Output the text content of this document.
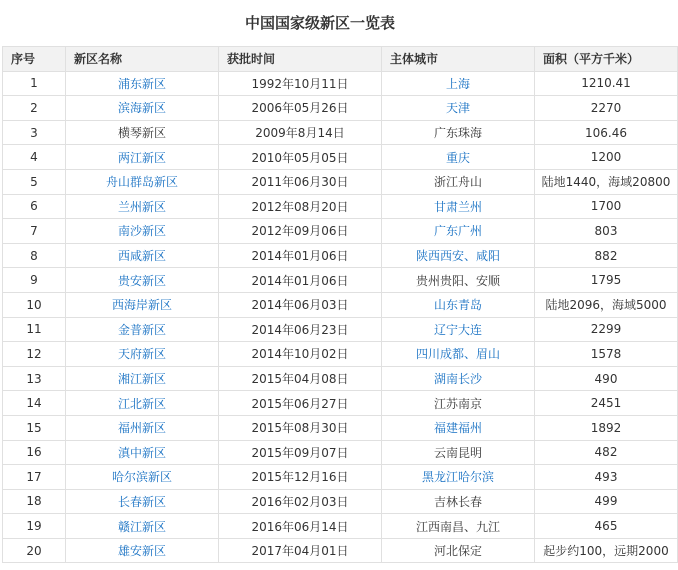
中国国家级新区一览表
序号	新区名称	获批时间	主体城市	面积（平方千米）
1	浦东新区	1992年10月11日	上海	1210.41
2	滨海新区	2006年05月26日	天津	2270
3	横琴新区	2009年8月14日	广东珠海	106.46
4	两江新区	2010年05月05日	重庆	1200
5	舟山群岛新区	2011年06月30日	浙江舟山	陆地1440，海域20800
6	兰州新区	2012年08月20日	甘肃兰州	1700
7	南沙新区	2012年09月06日	广东广州	803
8	西咸新区	2014年01月06日	陕西西安、咸阳	882
9	贵安新区	2014年01月06日	贵州贵阳、安顺	1795
10	西海岸新区	2014年06月03日	山东青岛	陆地2096，海域5000
11	金普新区	2014年06月23日	辽宁大连	2299
12	天府新区	2014年10月02日	四川成都、眉山	1578
13	湘江新区	2015年04月08日	湖南长沙	490
14	江北新区	2015年06月27日	江苏南京	2451
15	福州新区	2015年08月30日	福建福州	1892
16	滇中新区	2015年09月07日	云南昆明	482
17	哈尔滨新区	2015年12月16日	黑龙江哈尔滨	493
18	长春新区	2016年02月03日	吉林长春	499
19	赣江新区	2016年06月14日	江西南昌、九江	465
20	雄安新区	2017年04月01日	河北保定	起步约100，远期2000
